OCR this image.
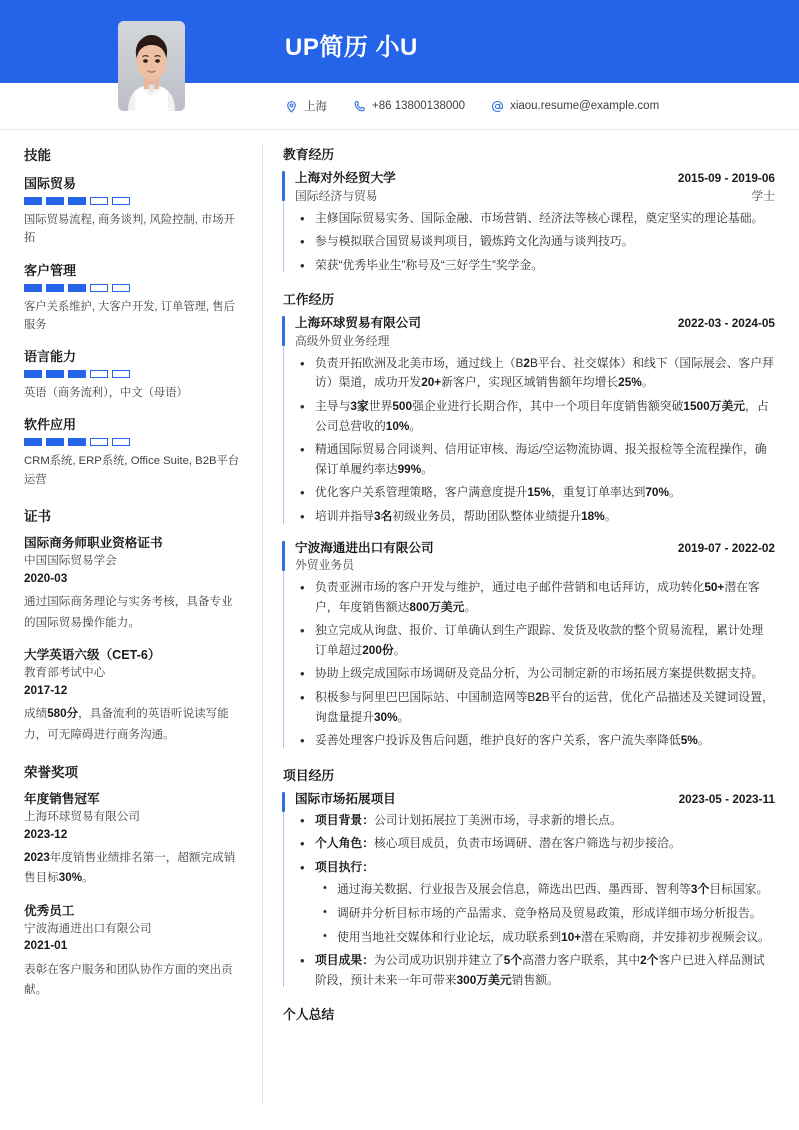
UP简历 小U
上海	+86 13800138000	xiaou.resume@example.com
技能
国际贸易
国际贸易流程, 商务谈判, 风险控制, 市场开拓
客户管理
客户关系维护, 大客户开发, 订单管理, 售后服务
语言能力
英语（商务流利），中文（母语）
软件应用
CRM系统, ERP系统, Office Suite, B2B平台运营
证书
国际商务师职业资格证书
中国国际贸易学会
2020-03
通过国际商务理论与实务考核，具备专业的国际贸易操作能力。
大学英语六级（CET-6）
教育部考试中心
2017-12
成绩580分，具备流利的英语听说读写能力，可无障碍进行商务沟通。
荣誉奖项
年度销售冠军
上海环球贸易有限公司
2023-12
2023年度销售业绩排名第一，超额完成销售目标30%。
优秀员工
宁波海通进出口有限公司
2021-01
表彰在客户服务和团队协作方面的突出贡献。
教育经历
上海对外经贸大学	2015-09 - 2019-06
国际经济与贸易	学士
• 主修国际贸易实务、国际金融、市场营销、经济法等核心课程，奠定坚实的理论基础。
• 参与模拟联合国贸易谈判项目，锻炼跨文化沟通与谈判技巧。
• 荣获“优秀毕业生”称号及“三好学生”奖学金。
工作经历
上海环球贸易有限公司	2022-03 - 2024-05
高级外贸业务经理
• 负责开拓欧洲及北美市场，通过线上（B2B平台、社交媒体）和线下（国际展会、客户拜访）渠道，成功开发20+新客户，实现区域销售额年均增长25%。
• 主导与3家世界500强企业进行长期合作，其中一个项目年度销售额突破1500万美元，占公司总营收的10%。
• 精通国际贸易合同谈判、信用证审核、海运/空运物流协调、报关报检等全流程操作，确保订单履约率达99%。
• 优化客户关系管理策略，客户满意度提升15%，重复订单率达到70%。
• 培训并指导3名初级业务员，帮助团队整体业绩提升18%。
宁波海通进出口有限公司	2019-07 - 2022-02
外贸业务员
• 负责亚洲市场的客户开发与维护，通过电子邮件营销和电话拜访，成功转化50+潜在客户，年度销售额达800万美元。
• 独立完成从询盘、报价、订单确认到生产跟踪、发货及收款的整个贸易流程，累计处理订单超过200份。
• 协助上级完成国际市场调研及竞品分析，为公司制定新的市场拓展方案提供数据支持。
• 积极参与阿里巴巴国际站、中国制造网等B2B平台的运营，优化产品描述及关键词设置，询盘量提升30%。
• 妥善处理客户投诉及售后问题，维护良好的客户关系，客户流失率降低5%。
项目经历
国际市场拓展项目	2023-05 - 2023-11
• 项目背景：公司计划拓展拉丁美洲市场，寻求新的增长点。
• 个人角色：核心项目成员，负责市场调研、潜在客户筛选与初步接洽。
• 项目执行：
• 通过海关数据、行业报告及展会信息，筛选出巴西、墨西哥、智利等3个目标国家。
• 调研并分析目标市场的产品需求、竞争格局及贸易政策，形成详细市场分析报告。
• 使用当地社交媒体和行业论坛，成功联系到10+潜在采购商，并安排初步视频会议。
• 项目成果：为公司成功识别并建立了5个高潜力客户联系，其中2个客户已进入样品测试阶段，预计未来一年可带来300万美元销售额。
个人总结
